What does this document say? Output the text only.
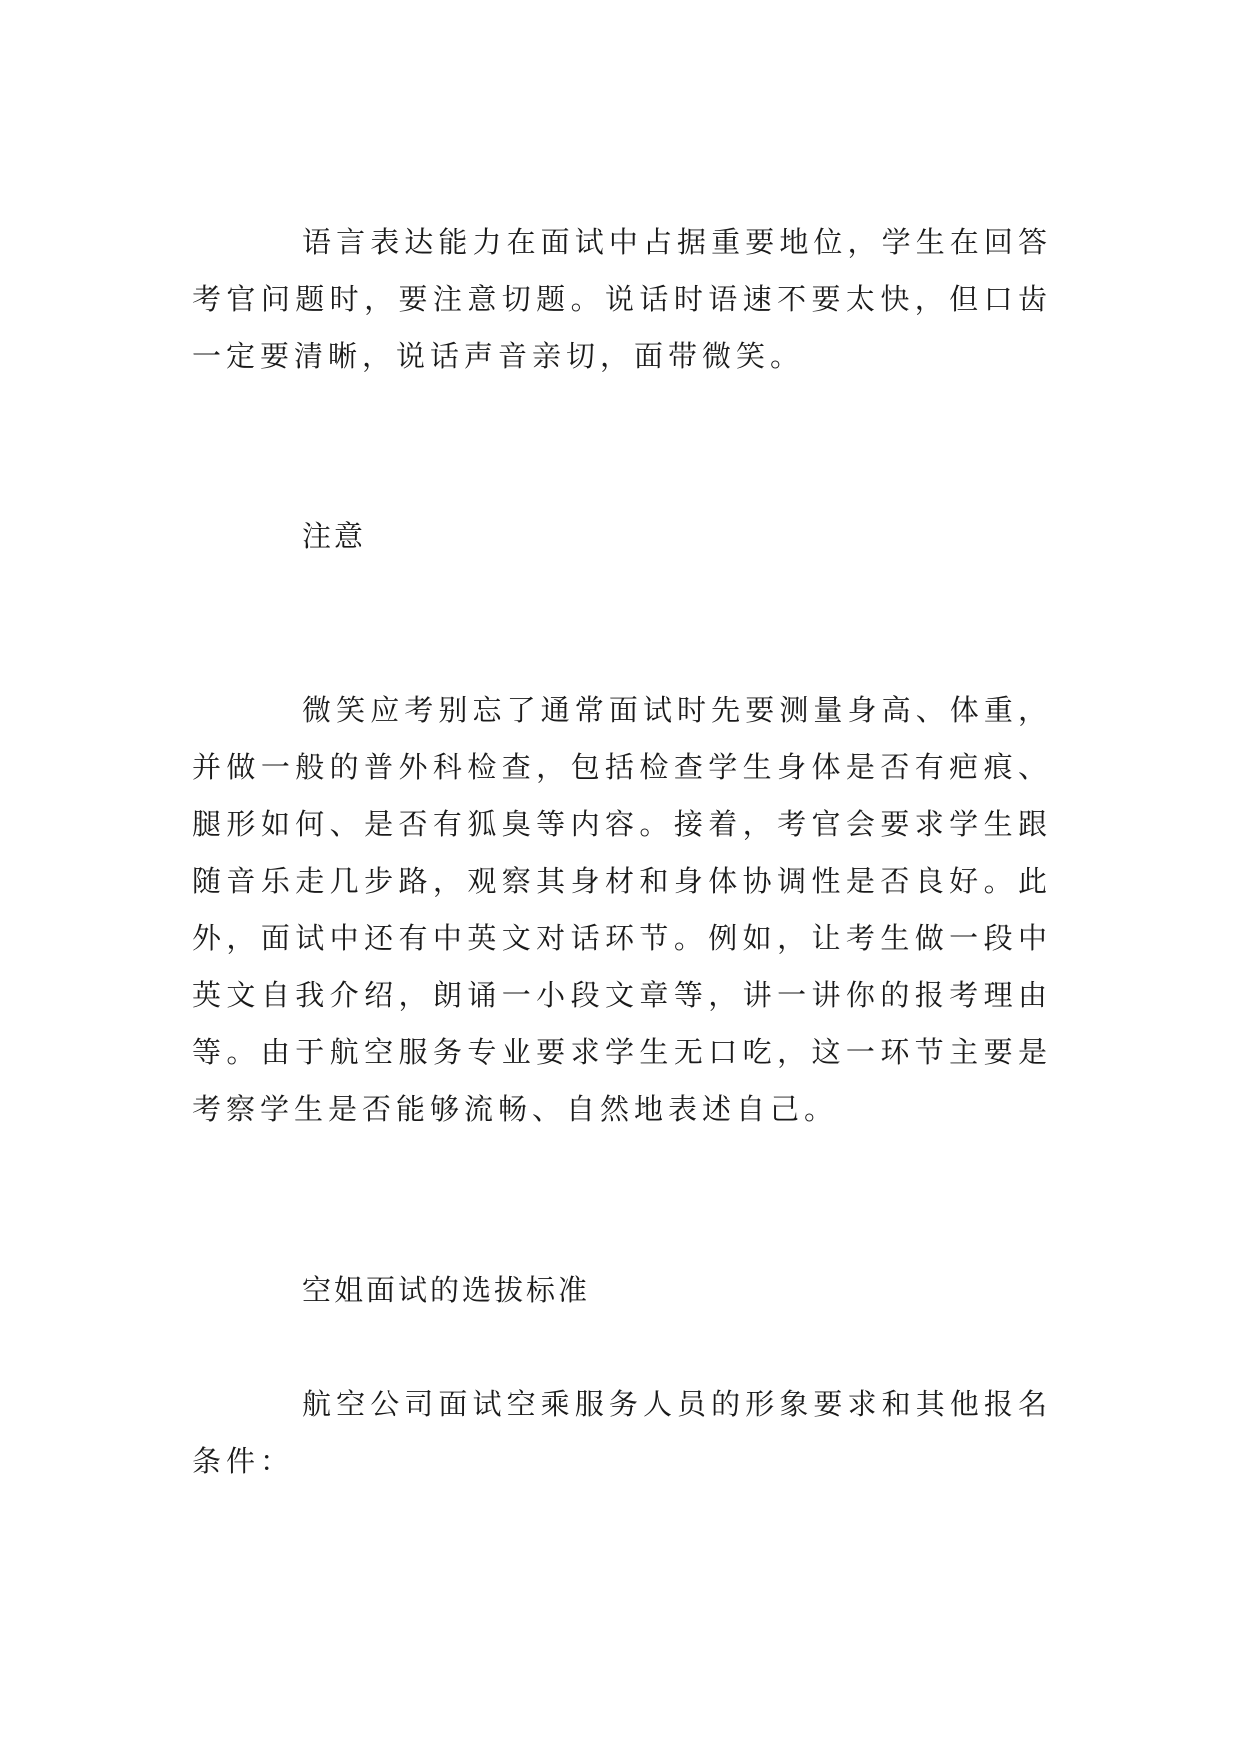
语言表达能力在面试中占据重要地位，学生在回答考官问题时，要注意切题。说话时语速不要太快，但口齿一定要清晰，说话声音亲切，面带微笑。

注意

微笑应考别忘了通常面试时先要测量身高、体重，并做一般的普外科检查，包括检查学生身体是否有疤痕、腿形如何、是否有狐臭等内容。接着，考官会要求学生跟随音乐走几步路，观察其身材和身体协调性是否良好。此外，面试中还有中英文对话环节。例如，让考生做一段中英文自我介绍，朗诵一小段文章等，讲一讲你的报考理由等。由于航空服务专业要求学生无口吃，这一环节主要是考察学生是否能够流畅、自然地表述自己。

空姐面试的选拔标准

航空公司面试空乘服务人员的形象要求和其他报名条件：
